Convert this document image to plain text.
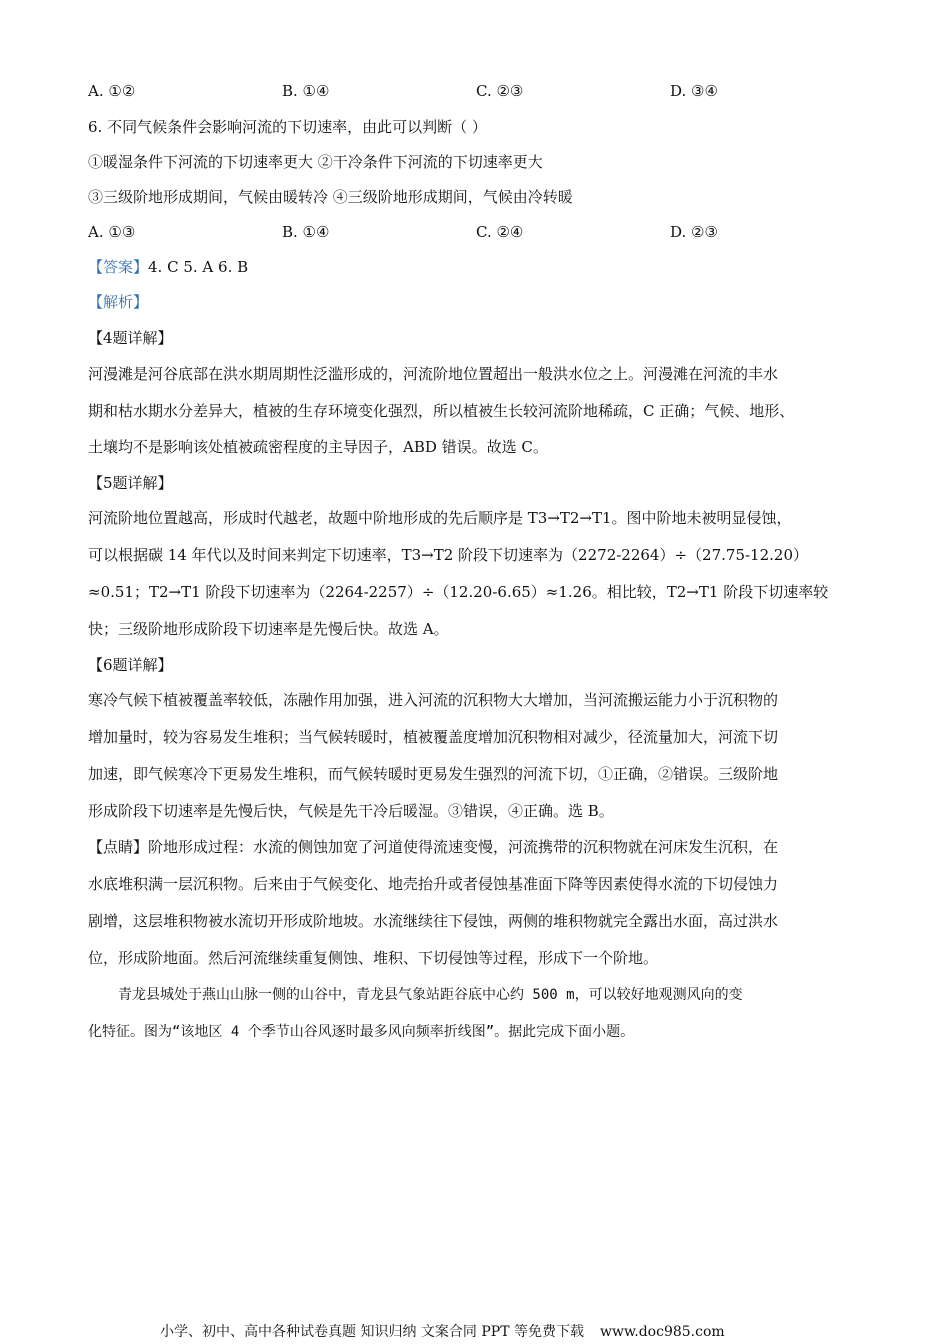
A. ①②	B. ①④	C. ②③	D. ③④
6. 不同气候条件会影响河流的下切速率，由此可以判断（ ）
①暖湿条件下河流的下切速率更大 ②干冷条件下河流的下切速率更大
③三级阶地形成期间，气候由暖转冷 ④三级阶地形成期间，气候由冷转暖
A. ①③	B. ①④	C. ②④	D. ②③
【答案】4. C 5. A 6. B
【解析】
【4题详解】
河漫滩是河谷底部在洪水期周期性泛滥形成的，河流阶地位置超出一般洪水位之上。河漫滩在河流的丰水
期和枯水期水分差异大，植被的生存环境变化强烈，所以植被生长较河流阶地稀疏，C 正确；气候、地形、
土壤均不是影响该处植被疏密程度的主导因子，ABD 错误。故选 C。
【5题详解】
河流阶地位置越高，形成时代越老，故题中阶地形成的先后顺序是 T3→T2→T1。图中阶地未被明显侵蚀，
可以根据碳 14 年代以及时间来判定下切速率，T3→T2 阶段下切速率为（2272-2264）÷（27.75-12.20）
≈0.51；T2→T1 阶段下切速率为（2264-2257）÷（12.20-6.65）≈1.26。相比较，T2→T1 阶段下切速率较
快；三级阶地形成阶段下切速率是先慢后快。故选 A。
【6题详解】
寒冷气候下植被覆盖率较低，冻融作用加强，进入河流的沉积物大大增加，当河流搬运能力小于沉积物的
增加量时，较为容易发生堆积；当气候转暖时，植被覆盖度增加沉积物相对减少，径流量加大，河流下切
加速，即气候寒冷下更易发生堆积，而气候转暖时更易发生强烈的河流下切，①正确，②错误。三级阶地
形成阶段下切速率是先慢后快，气候是先干冷后暖湿。③错误，④正确。选 B。
【点睛】阶地形成过程：水流的侧蚀加宽了河道使得流速变慢，河流携带的沉积物就在河床发生沉积，在
水底堆积满一层沉积物。后来由于气候变化、地壳抬升或者侵蚀基准面下降等因素使得水流的下切侵蚀力
剧增，这层堆积物被水流切开形成阶地坡。水流继续往下侵蚀，两侧的堆积物就完全露出水面，高过洪水
位，形成阶地面。然后河流继续重复侧蚀、堆积、下切侵蚀等过程，形成下一个阶地。
青龙县城处于燕山山脉一侧的山谷中，青龙县气象站距谷底中心约 500 m，可以较好地观测风向的变
化特征。图为“该地区 4 个季节山谷风逐时最多风向频率折线图”。据此完成下面小题。
小学、初中、高中各种试卷真题 知识归纳 文案合同 PPT 等免费下载 www.doc985.com
